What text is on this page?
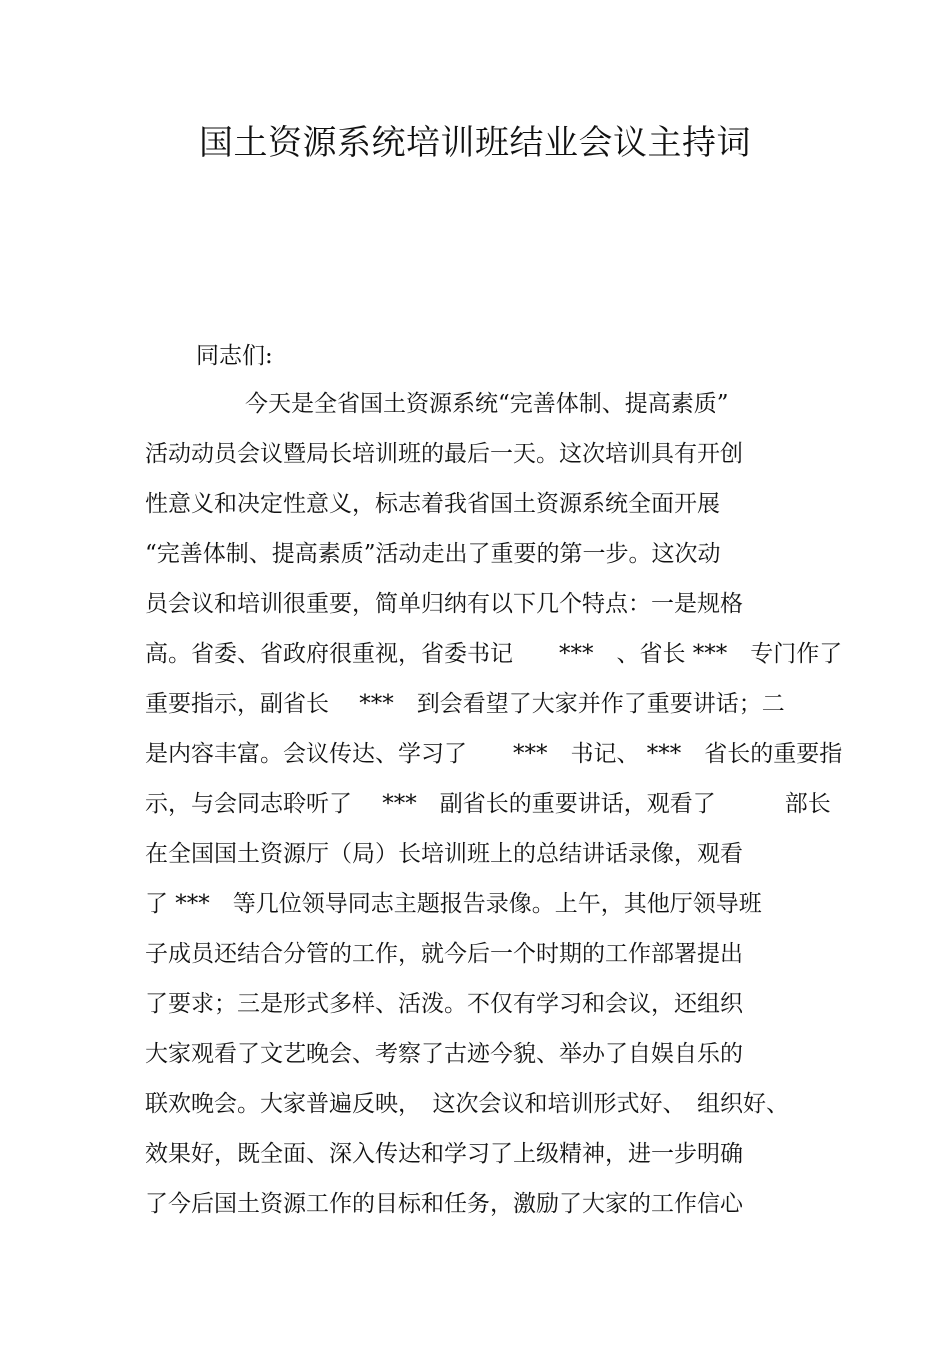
国土资源系统培训班结业会议主持词
同志们:
今天是全省国土资源系统“完善体制、提高素质”
活动动员会议暨局长培训班的最后一天。这次培训具有开创
性意义和决定性意义，标志着我省国土资源系统全面开展
“完善体制、提高素质”活动走出了重要的第一步。这次动
员会议和培训很重要，简单归纳有以下几个特点：一是规格
高。省委、省政府很重视，省委书记　　***　、省长 ***　专门作了
重要指示，副省长　 ***　到会看望了大家并作了重要讲话；二
是内容丰富。会议传达、学习了　　***　书记、 ***　省长的重要指
示，与会同志聆听了　 ***　副省长的重要讲话，观看了　　　部长
在全国国土资源厅（局）长培训班上的总结讲话录像，观看
了 ***　等几位领导同志主题报告录像。上午，其他厅领导班
子成员还结合分管的工作，就今后一个时期的工作部署提出
了要求；三是形式多样、活泼。不仅有学习和会议，还组织
大家观看了文艺晚会、考察了古迹今貌、举办了自娱自乐的
联欢晚会。大家普遍反映，　这次会议和培训形式好、　组织好、
效果好，既全面、深入传达和学习了上级精神，进一步明确
了今后国土资源工作的目标和任务，激励了大家的工作信心
